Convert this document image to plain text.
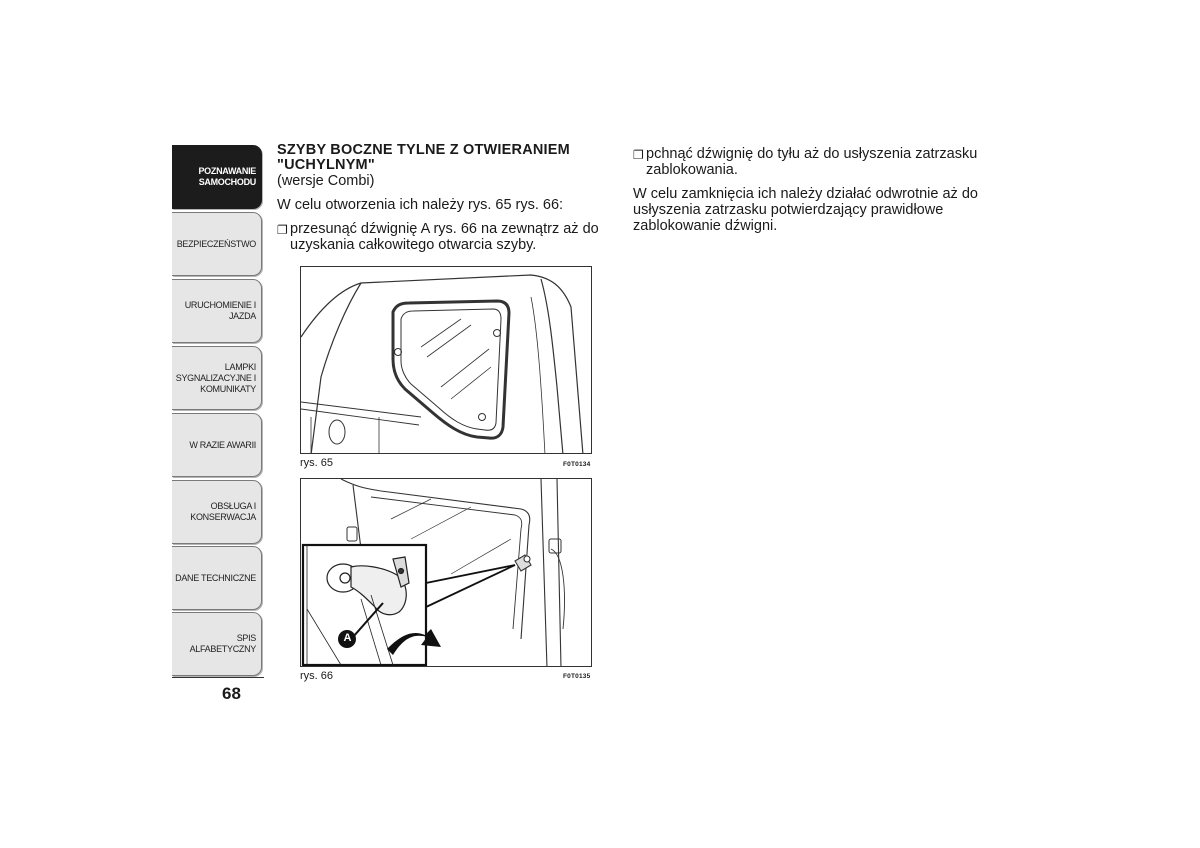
POZNAWANIE
SAMOCHODU
BEZPIECZEŃSTWO
URUCHOMIENIE I
JAZDA
LAMPKI
SYGNALIZACYJNE I
KOMUNIKATY
W RAZIE AWARII
OBSŁUGA I
KONSERWACJA
DANE TECHNICZNE
SPIS ALFABETYCZNY
68
SZYBY BOCZNE TYLNE Z OTWIERANIEM
"UCHYLNYM"
(wersje Combi)

W celu otworzenia ich należy rys. 65 rys. 66:

❐ przesunąć dźwignię A rys. 66 na zewnątrz aż do uzyskania całkowitego otwarcia szyby.
❐ pchnąć dźwignię do tyłu aż do usłyszenia zatrzasku zablokowania.

W celu zamknięcia ich należy działać odwrotnie aż do usłyszenia zatrzasku potwierdzający prawidłowe zablokowanie dźwigni.

rys. 65	F0T0134
A
rys. 66	F0T0135
